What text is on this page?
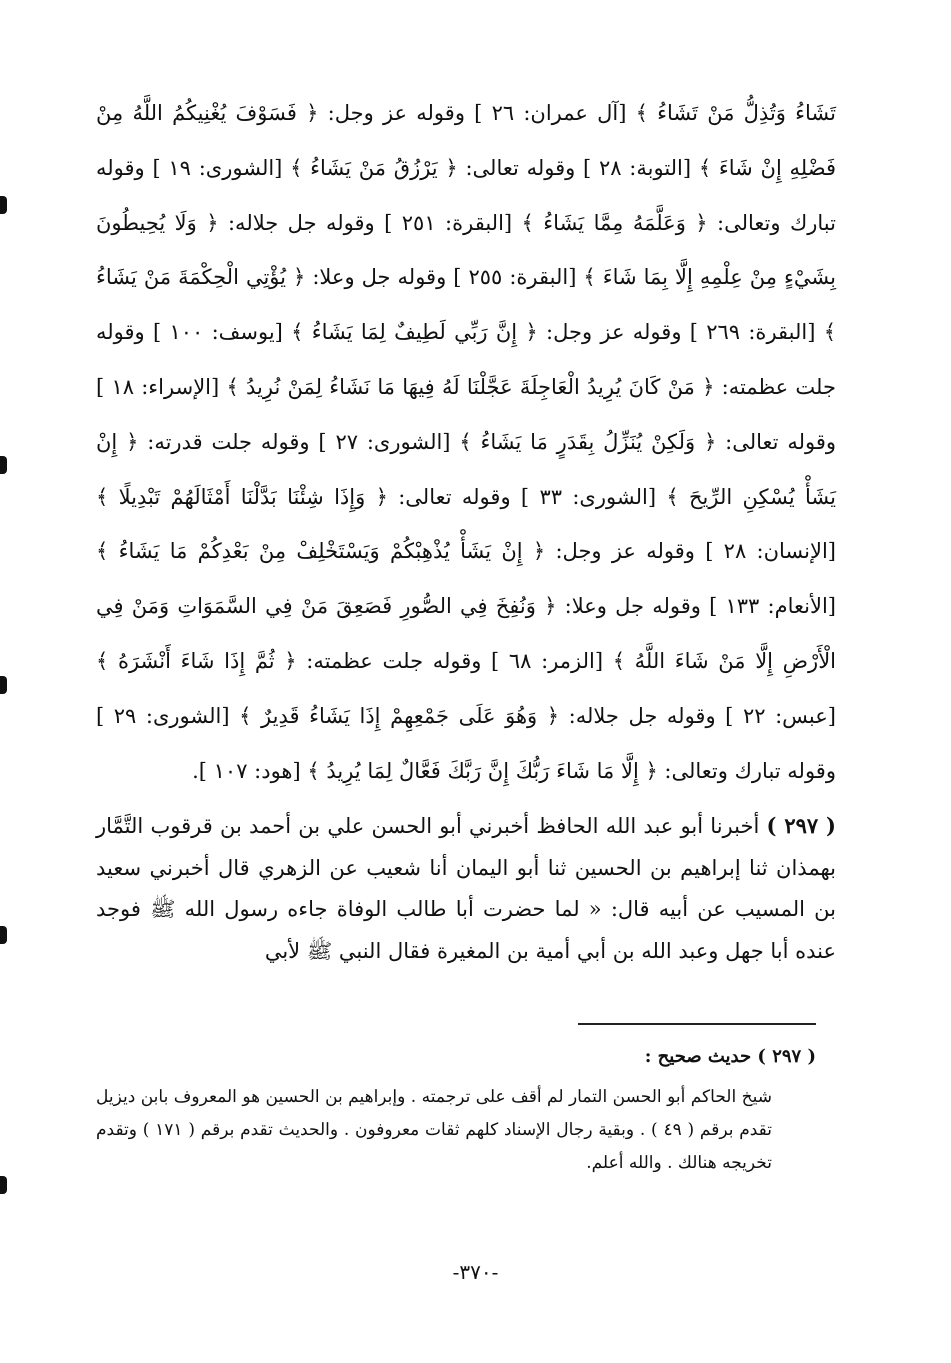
تَشَاءُ وَتُذِلُّ مَنْ تَشَاءُ ﴾ [آل عمران: ٢٦ ] وقوله عز وجل: ﴿ فَسَوْفَ يُغْنِيكُمُ اللَّهُ مِنْ فَضْلِهِ إِنْ شَاءَ ﴾ [التوبة: ٢٨ ] وقوله تعالى: ﴿ يَرْزُقُ مَنْ يَشَاءُ ﴾ [الشورى: ١٩ ] وقوله تبارك وتعالى: ﴿ وَعَلَّمَهُ مِمَّا يَشَاءُ ﴾ [البقرة: ٢٥١ ] وقوله جل جلاله: ﴿ وَلَا يُحِيطُونَ بِشَيْءٍ مِنْ عِلْمِهِ إِلَّا بِمَا شَاءَ ﴾ [البقرة: ٢٥٥ ] وقوله جل وعلا: ﴿ يُؤْتِي الْحِكْمَةَ مَنْ يَشَاءُ ﴾ [البقرة: ٢٦٩ ] وقوله عز وجل: ﴿ إِنَّ رَبِّي لَطِيفٌ لِمَا يَشَاءُ ﴾ [يوسف: ١٠٠ ] وقوله جلت عظمته: ﴿ مَنْ كَانَ يُرِيدُ الْعَاجِلَةَ عَجَّلْنَا لَهُ فِيهَا مَا نَشَاءُ لِمَنْ نُرِيدُ ﴾ [الإسراء: ١٨ ] وقوله تعالى: ﴿ وَلَكِنْ يُنَزِّلُ بِقَدَرٍ مَا يَشَاءُ ﴾ [الشورى: ٢٧ ] وقوله جلت قدرته: ﴿ إِنْ يَشَأْ يُسْكِنِ الرِّيحَ ﴾ [الشورى: ٣٣ ] وقوله تعالى: ﴿ وَإِذَا شِئْنَا بَدَّلْنَا أَمْثَالَهُمْ تَبْدِيلًا ﴾ [الإنسان: ٢٨ ] وقوله عز وجل: ﴿ إِنْ يَشَأْ يُذْهِبْكُمْ وَيَسْتَخْلِفْ مِنْ بَعْدِكُمْ مَا يَشَاءُ ﴾ [الأنعام: ١٣٣ ] وقوله جل وعلا: ﴿ وَنُفِخَ فِي الصُّورِ فَصَعِقَ مَنْ فِي السَّمَوَاتِ وَمَنْ فِي الْأَرْضِ إِلَّا مَنْ شَاءَ اللَّهُ ﴾ [الزمر: ٦٨ ] وقوله جلت عظمته: ﴿ ثُمَّ إِذَا شَاءَ أَنْشَرَهُ ﴾ [عبس: ٢٢ ] وقوله جل جلاله: ﴿ وَهُوَ عَلَى جَمْعِهِمْ إِذَا يَشَاءُ قَدِيرٌ ﴾ [الشورى: ٢٩ ] وقوله تبارك وتعالى: ﴿ إِلَّا مَا شَاءَ رَبُّكَ إِنَّ رَبَّكَ فَعَّالٌ لِمَا يُرِيدُ ﴾ [هود: ١٠٧ ].

( ٢٩٧ ) أخبرنا أبو عبد الله الحافظ أخبرني أبو الحسن علي بن أحمد بن قرقوب التَّمَّار بهمذان ثنا إبراهيم بن الحسين ثنا أبو اليمان أنا شعيب عن الزهري قال أخبرني سعيد بن المسيب عن أبيه قال: « لما حضرت أبا طالب الوفاة جاءه رسول الله ﷺ فوجد عنده أبا جهل وعبد الله بن أبي أمية بن المغيرة فقال النبي ﷺ لأبي

( ٢٩٧ ) حديث صحيح :

شيخ الحاكم أبو الحسن التمار لم أقف على ترجمته . وإبراهيم بن الحسين هو المعروف بابن ديزيل تقدم برقم ( ٤٩ ) . وبقية رجال الإسناد كلهم ثقات معروفون . والحديث تقدم برقم ( ١٧١ ) وتقدم تخريجه هنالك . والله أعلم.

-٣٧٠-
